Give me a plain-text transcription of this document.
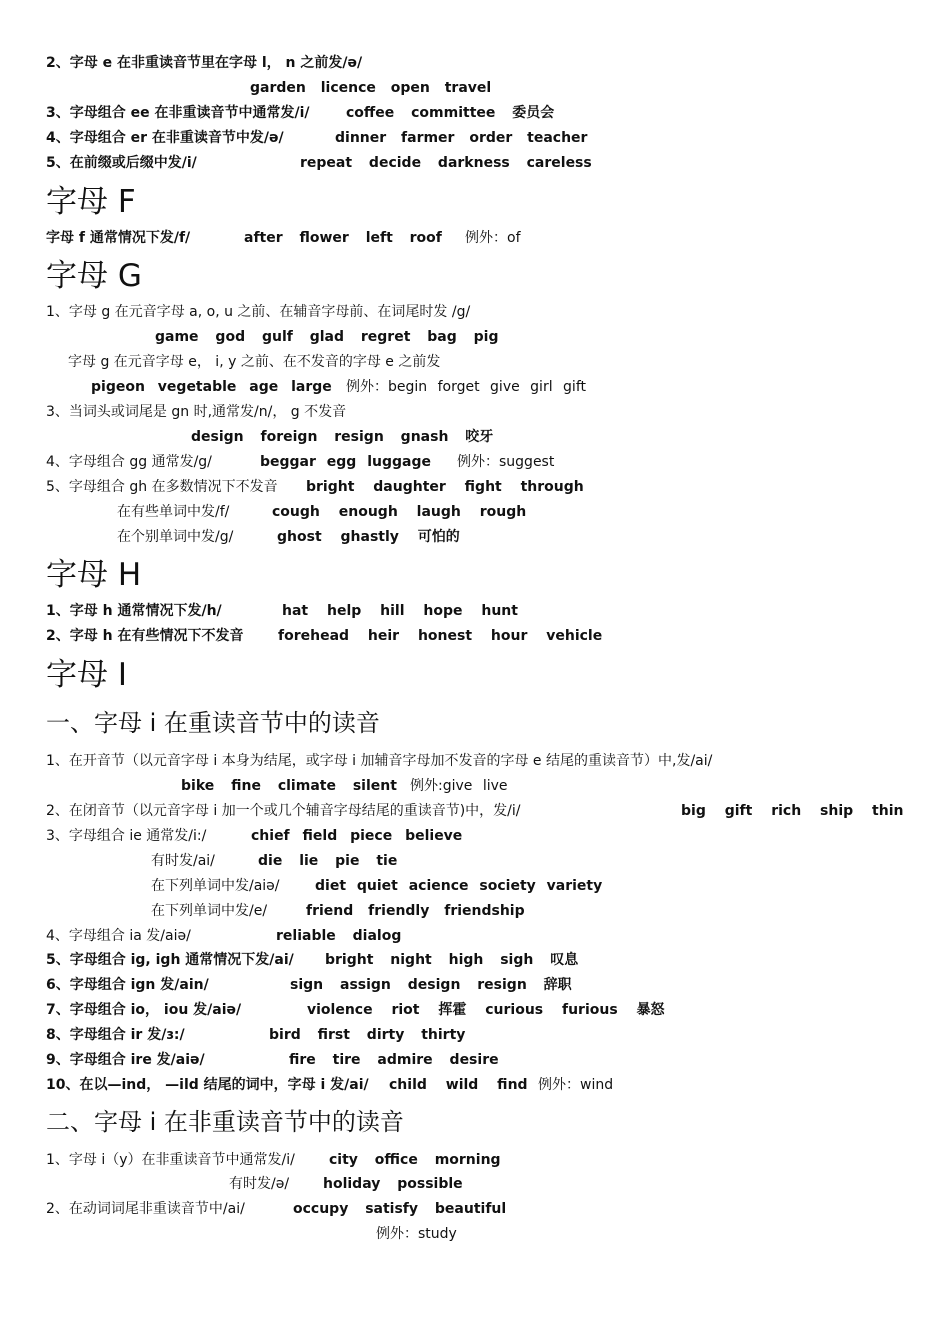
2、字母 e 在非重读音节里在字母 l， n 之前发/ə/
garden licence open travel
3、字母组合 ee 在非重读音节中通常发/i/	coffee committee 委员会
4、字母组合 er 在非重读音节中发/ə/	dinner farmer order teacher
5、在前缀或后缀中发/i/	repeat decide darkness careless
字母 F
字母 f 通常情况下发/f/	after flower left roof 例外：of
字母 G
1、字母 g 在元音字母 a, o, u 之前、在辅音字母前、在词尾时发 /g/
game god gulf glad regret bag pig
字母 g 在元音字母 e， i, y 之前、在不发音的字母 e 之前发
pigeon vegetable age large 例外：begin forget give girl gift
3、当词头或词尾是 gn 时,通常发/n/， g 不发音
design foreign resign gnash 咬牙
4、字母组合 gg 通常发/g/	beggar egg luggage 例外：suggest
5、字母组合 gh 在多数情况下不发音 bright daughter fight through
在有些单词中发/f/	cough enough laugh rough
在个别单词中发/g/	ghost ghastly 可怕的
字母 H
1、字母 h 通常情况下发/h/	hat help hill hope hunt
2、字母 h 在有些情况下不发音 forehead heir honest hour vehicle
字母 I
一、字母 i 在重读音节中的读音
1、在开音节（以元音字母 i 本身为结尾，或字母 i 加辅音字母加不发音的字母 e 结尾的重读音节）中,发/ai/
bike fine climate silent 例外:give live
2、在闭音节（以元音字母 i 加一个或几个辅音字母结尾的重读音节)中，发/i/	big gift rich ship thin
3、字母组合 ie 通常发/i:/	chief field piece believe
有时发/ai/	die lie pie tie
在下列单词中发/aiə/	diet quiet acience society variety
在下列单词中发/e/	friend friendly friendship
4、字母组合 ia 发/aiə/	reliable dialog
5、字母组合 ig, igh 通常情况下发/ai/ bright night high sigh 叹息
6、字母组合 ign 发/ain/	sign assign design resign 辞职
7、字母组合 io， iou 发/aiə/	violence riot 挥霍 curious furious 暴怒
8、字母组合 ir 发/ɜ:/	bird first dirty thirty
9、字母组合 ire 发/aiə/	fire tire admire desire
10、在以—ind， —ild 结尾的词中，字母 i 发/ai/ child wild find 例外：wind
二、字母 i 在非重读音节中的读音
1、字母 i（y）在非重读音节中通常发/i/ city office morning
有时发/ə/ holiday possible
2、在动词词尾非重读音节中/ai/	occupy satisfy beautiful
例外：study
